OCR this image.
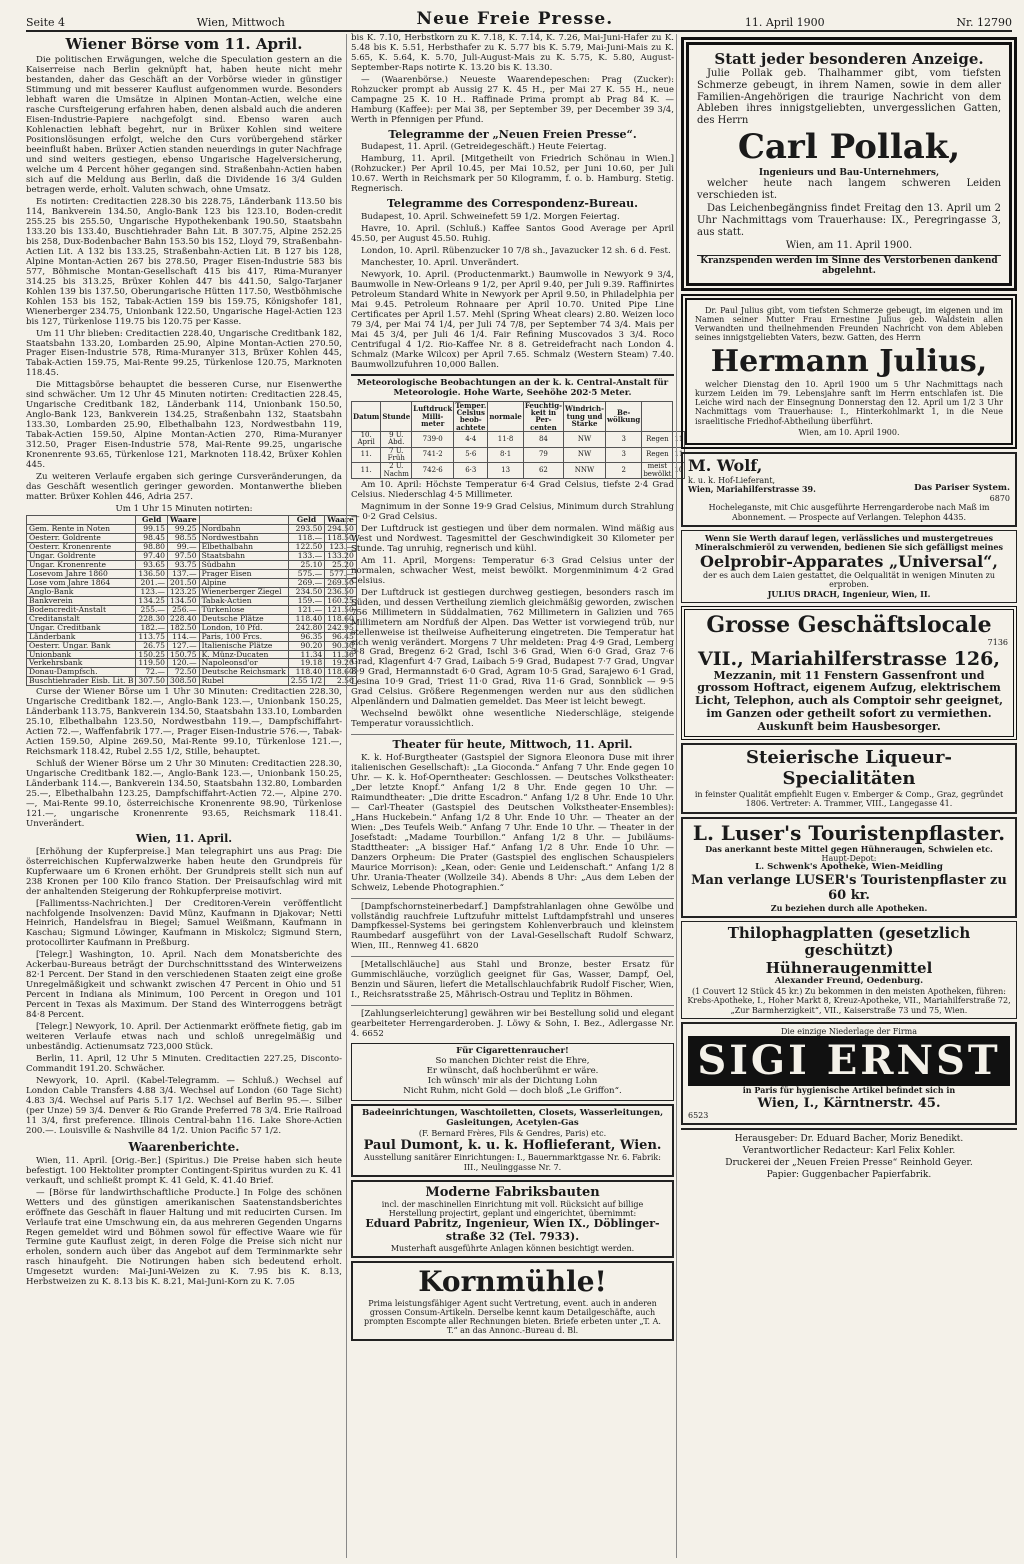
Seite 4	Wien, Mittwoch	Neue Freie Presse.	11. April 1900	Nr. 12790
Wiener Börse vom 11. April.

Die politischen Erwägungen, welche die Speculation gestern an die Kaiserreise nach Berlin geknüpft hat, haben heute nicht mehr bestanden, daher das Geschäft an der Vorbörse wieder in günstiger Stimmung und mit besserer Kauflust aufgenommen wurde. Besonders lebhaft waren die Umsätze in Alpinen Montan-Actien, welche eine rasche Cursfteigerung erfahren haben, denen alsbald auch die anderen Eisen-Industrie-Papiere nachgefolgt sind. Ebenso waren auch Kohlenactien lebhaft begehrt, nur in Brüxer Kohlen sind weitere Positionslösungen erfolgt, welche den Curs vorübergehend stärker beeinflußt haben. Brüxer Actien standen neuerdings in guter Nachfrage und sind weiters gestiegen, ebenso Ungarische Hagelversicherung, welche um 4 Percent höher gegangen sind. Straßenbahn-Actien haben sich auf die Meldung aus Berlin, daß die Dividende 16 3/4 Gulden betragen werde, erholt. Valuten schwach, ohne Umsatz.

Es notirten: Creditactien 228.30 bis 228.75, Länderbank 113.50 bis 114, Bankverein 134.50, Anglo-Bank 123 bis 123.10, Boden-credit 255.25 bis 255.50, Ungarische Hypothekenbank 190.50, Staatsbahn 133.20 bis 133.40, Buschtiehrader Bahn Lit. B 307.75, Alpine 252.25 bis 258, Dux-Bodenbacher Bahn 153.50 bis 152, Lloyd 79, Straßenbahn-Actien Lit. A 132 bis 133.25, Straßenbahn-Actien Lit. B 127 bis 128, Alpine Montan-Actien 267 bis 278.50, Prager Eisen-Industrie 583 bis 577, Böhmische Montan-Gesellschaft 415 bis 417, Rima-Muranyer 314.25 bis 313.25, Brüxer Kohlen 447 bis 441.50, Salgo-Tarjaner Kohlen 139 bis 137.50, Oberungarische Hütten 117.50, Westböhmische Kohlen 153 bis 152, Tabak-Actien 159 bis 159.75, Königshofer 181, Wienerberger 234.75, Unionbank 122.50, Ungarische Hagel-Actien 123 bis 127, Türkenlose 119.75 bis 120.75 per Kasse.

Um 11 Uhr blieben: Creditactien 228.40, Ungarische Creditbank 182, Staatsbahn 133.20, Lombarden 25.90, Alpine Montan-Actien 270.50, Prager Eisen-Industrie 578, Rima-Muranyer 313, Brüxer Kohlen 445, Tabak-Actien 159.75, Mai-Rente 99.25, Türkenlose 120.75, Marknoten 118.45.

Die Mittagsbörse behauptet die besseren Curse, nur Eisenwerthe sind schwächer. Um 12 Uhr 45 Minuten notirten: Creditactien 228.45, Ungarische Creditbank 182, Länderbank 114, Unionbank 150.50, Anglo-Bank 123, Bankverein 134.25, Straßenbahn 132, Staatsbahn 133.30, Lombarden 25.90, Elbethalbahn 123, Nordwestbahn 119, Tabak-Actien 159.50, Alpine Montan-Actien 270, Rima-Muranyer 312.50, Prager Eisen-Industrie 578, Mai-Rente 99.25, ungarische Kronenrente 93.65, Türkenlose 121, Marknoten 118.42, Brüxer Kohlen 445.

Zu weiteren Verlaufe ergaben sich geringe Cursveränderungen, da das Geschäft wesentlich geringer geworden. Montanwerthe blieben matter. Brüxer Kohlen 446, Adria 257.

Um 1 Uhr 15 Minuten notirten:
	Geld	Waare		Geld	Waare
Gem. Rente in Noten	99.15	99.25	Nordbahn	293.50	294.50
Oesterr. Goldrente	98.45	98.55	Nordwestbahn	118.—	118.50
Oesterr. Kronenrente	98.80	99.—	Elbethalbahn	122.50	123.—
Ungar. Goldrente	97.40	97.50	Staatsbahn	133.—	133.20
Ungar. Kronenrente	93.65	93.75	Südbahn	25.10	25.20
Losevom Jahre 1860	136.50	137.—	Prager Eisen	575.—	577.—
Lose vom Jahre 1864	201.—	201.50	Alpine	269.—	269.50
Anglo-Bank	123.—	123.25	Wienerberger Ziegel	234.50	236.50
Bankverein	134.25	134.50	Tabak-Actien	159.—	160.25
Bodencredit-Anstalt	255.—	256.—	Türkenlose	121.—	121.50
Creditanstalt	228.30	228.40	Deutsche Plätze	118.40	118.60
Ungar. Creditbank	182.—	182.50	London, 10 Pfd.	242.80	242.95
Länderbank	113.75	114.—	Paris, 100 Frcs.	96.35	96.45
Oesterr. Ungar. Bank	26.75	127.—	Italienische Plätze	90.20	90.30
Unionbank	150.25	150.75	K. Münz-Ducaten	11.34	11.36
Verkehrsbank	119.50	120.—	Napoleonsd'or	19.18	19.20
Donau-Dampfsch.	72.—	72.50	Deutsche Reichsmark	118.40	118.60
Buschtiehrader Eisb. Lit. B	307.50	308.50	Rubel	2.55 1/2	2.56

Curse der Wiener Börse um 1 Uhr 30 Minuten: Creditactien 228.30, Ungarische Creditbank 182.—, Anglo-Bank 123.—, Unionbank 150.25, Länderbank 113.75, Bankverein 134.50, Staatsbahn 133.10, Lombarden 25.10, Elbethalbahn 123.50, Nordwestbahn 119.—, Dampfschiffahrt-Actien 72.—, Waffenfabrik 177.—, Prager Eisen-Industrie 576.—, Tabak-Actien 159.50, Alpine 269.50, Mai-Rente 99.10, Türkenlose 121.—, Reichsmark 118.42, Rubel 2.55 1/2, Stille, behauptet.

Schluß der Wiener Börse um 2 Uhr 30 Minuten: Creditactien 228.30, Ungarische Creditbank 182.—, Anglo-Bank 123.—, Unionbank 150.25, Länderbank 114.—, Bankverein 134.50, Staatsbahn 132.80, Lombarden 25.—, Elbethalbahn 123.25, Dampfschiffahrt-Actien 72.—, Alpine 270.—, Mai-Rente 99.10, österreichische Kronenrente 98.90, Türkenlose 121.—, ungarische Kronenrente 93.65, Reichsmark 118.41. Unverändert.

Wien, 11. April.

[Erhöhung der Kupferpreise.] Man telegraphirt uns aus Prag: Die österreichischen Kupferwalzwerke haben heute den Grundpreis für Kupferwaare um 6 Kronen erhöht. Der Grundpreis stellt sich nun auf 238 Kronen per 100 Kilo franco Station. Der Preisaufschlag wird mit der anhaltenden Steigerung der Rohkupferpreise motivirt.

[Fallimentss-Nachrichten.] Der Creditoren-Verein veröffentlicht nachfolgende Insolvenzen: David Münz, Kaufmann in Djakovar; Netti Heinrich, Handelsfrau in Biegel; Samuel Weißmann, Kaufmann in Kaschau; Sigmund Löwinger, Kaufmann in Miskolcz; Sigmund Stern, protocollirter Kaufmann in Preßburg.

[Telegr.] Washington, 10. April. Nach dem Monatsberichte des Ackerbau-Bureaus beträgt der Durchschnittsstand des Winterweizens 82·1 Percent. Der Stand in den verschiedenen Staaten zeigt eine große Unregelmäßigkeit und schwankt zwischen 47 Percent in Ohio und 51 Percent in Indiana als Minimum, 100 Percent in Oregon und 101 Percent in Texas als Maximum. Der Stand des Winterroggens beträgt 84·8 Percent.

[Telegr.] Newyork, 10. April. Der Actienmarkt eröffnete fietig, gab im weiteren Verlaufe etwas nach und schloß unregelmäßig und unbeständig. Actienumsatz 723,000 Stück.

Berlin, 11. April, 12 Uhr 5 Minuten. Creditactien 227.25, Disconto-Commandit 191.20. Schwächer.

Newyork, 10. April. (Kabel-Telegramm. — Schluß.) Wechsel auf London Cable Transfers 4.88 3/4. Wechsel auf London (60 Tage Sicht) 4.83 3/4. Wechsel auf Paris 5.17 1/2. Wechsel auf Berlin 95.—. Silber (per Unze) 59 3/4. Denver & Rio Grande Preferred 78 3/4. Erie Railroad 11 3/4, first preference. Illinois Central-bahn 116. Lake Shore-Actien 200.—. Louisville & Nashville 84 1/2. Union Pacific 57 1/2.

Waarenberichte.

Wien, 11. April. [Orig.-Ber.] (Spiritus.) Die Preise haben sich heute befestigt. 100 Hektoliter prompter Contingent-Spiritus wurden zu K. 41 verkauft, und schließt prompt K. 41 Geld, K. 41.40 Brief.

— [Börse für landwirthschaftliche Producte.] In Folge des schönen Wetters und des günstigen amerikanischen Saatenstandsberichtes eröffnete das Geschäft in flauer Haltung und mit reducirten Cursen. Im Verlaufe trat eine Umschwung ein, da aus mehreren Gegenden Ungarns Regen gemeldet wird und Böhmen sowol für effective Waare wie für Termine gute Kauflust zeigt, in deren Folge die Preise sich nicht nur erholen, sondern auch über das Angebot auf dem Terminmarkte sehr rasch hinaufgeht. Die Notirungen haben sich bedeutend erholt. Umgesetzt wurden: Mai-Juni-Weizen zu K. 7.95 bis K. 8.13, Herbstweizen zu K. 8.13 bis K. 8.21, Mai-Juni-Korn zu K. 7.05

bis K. 7.10, Herbstkorn zu K. 7.18, K. 7.14, K. 7.26, Mai-Juni-Hafer zu K. 5.48 bis K. 5.51, Herbsthafer zu K. 5.77 bis K. 5.79, Mai-Juni-Mais zu K. 5.65, K. 5.64, K. 5.70, Juli-August-Mais zu K. 5.75, K. 5.80, August-September-Raps notirte K. 13.20 bis K. 13.30.

— (Waarenbörse.) Neueste Waarendepeschen: Prag (Zucker): Rohzucker prompt ab Aussig 27 K. 45 H., per Mai 27 K. 55 H., neue Campagne 25 K. 10 H.. Raffinade Prima prompt ab Prag 84 K. — Hamburg (Kaffee): per Mai 38, per September 39, per December 39 3/4, Werth in Pfennigen per Pfund.

Telegramme der „Neuen Freien Presse“.

Budapest, 11. April. (Getreidegeschäft.) Heute Feiertag.

Hamburg, 11. April. [Mitgetheilt von Friedrich Schönau in Wien.] (Rohzucker.) Per April 10.45, per Mai 10.52, per Juni 10.60, per Juli 10.67. Werth in Reichsmark per 50 Kilogramm, f. o. b. Hamburg. Stetig. Regnerisch.

Telegramme des Correspondenz-Bureau.

Budapest, 10. April. Schweinefett 59 1/2. Morgen Feiertag.

Havre, 10. April. (Schluß.) Kaffee Santos Good Average per April 45.50, per August 45.50. Ruhig.

London, 10. April. Rübenzucker 10 7/8 sh., Javazucker 12 sh. 6 d. Fest.

Manchester, 10. April. Unverändert.

Newyork, 10. April. (Productenmarkt.) Baumwolle in Newyork 9 3/4, Baumwolle in New-Orleans 9 1/2, per April 9.40, per Juli 9.39. Raffinirtes Petroleum Standard White in Newyork per April 9.50, in Philadelphia per Mai 9.45. Petroleum Rohnaare per April 10.70. United Pipe Line Certificates per April 1.57. Mehl (Spring Wheat clears) 2.80. Weizen loco 79 3/4, per Mai 74 1/4, per Juli 74 7/8, per September 74 3/4. Mais per Mai 45 3/4, per Juli 46 1/4. Fair Refining Muscovados 3 3/4. Roco Centrifugal 4 1/2. Rio-Kaffee Nr. 8 8. Getreidefracht nach London 4. Schmalz (Marke Wilcox) per April 7.65. Schmalz (Western Steam) 7.40. Baumwollzufuhren 10,000 Ballen.

Meteorologische Beobachtungen an der k. k. Central-Anstalt für Meteorologie. Hohe Warte, Seehöhe 202·5 Meter.
Datum	Stunde	Luftdruck Milli-meter	Temper. Celsius beob-achtete	normale	Feuchtig-keit in Per-centen	Windrich-tung und Stärke	Be-wölkung		
10. April	9 U. Abd.	739·0	4·4	11·8	84	NW	3	Regen	11
11.	7 U. Früh	741·2	5·6	8·1	79	NW	3	Regen	11
11.	2 U. Nachm	742·6	6·3	13	62	NNW	2	meist bewölkt	10

Am 10. April: Höchste Temperatur 6·4 Grad Celsius, tiefste 2·4 Grad Celsius. Niederschlag 4·5 Millimeter.

Magnimum in der Sonne 19·9 Grad Celsius, Minimum durch Strahlung — 0·2 Grad Celsius.

Der Luftdruck ist gestiegen und über dem normalen. Wind mäßig aus West und Nordwest. Tagesmittel der Geschwindigkeit 30 Kilometer per Stunde. Tag unruhig, regnerisch und kühl.

Am 11. April, Morgens: Temperatur 6·3 Grad Celsius unter der normalen, schwacher West, meist bewölkt. Morgenminimum 4·2 Grad Celsius.

Der Luftdruck ist gestiegen durchweg gestiegen, besonders rasch im Süden, und dessen Vertheilung ziemlich gleichmäßig geworden, zwischen 756 Millimetern in Süddalmatien, 762 Millimetern in Galizien und 765 Millimetern am Nordfuß der Alpen. Das Wetter ist vorwiegend trüb, nur stellenweise ist theilweise Aufheiterung eingetreten. Die Temperatur hat sich wenig verändert. Morgens 7 Uhr meldeten: Prag 4·9 Grad, Lemberg 3·8 Grad, Bregenz 6·2 Grad, Ischl 3·6 Grad, Wien 6·0 Grad, Graz 7·6 Grad, Klagenfurt 4·7 Grad, Laibach 5·9 Grad, Budapest 7·7 Grad, Ungvar 8·9 Grad, Hermannstadt 6·0 Grad, Agram 10·5 Grad, Sarajewo 6·1 Grad, Lesina 10·9 Grad, Triest 11·0 Grad, Riva 11·6 Grad, Sonnblick — 9·5 Grad Celsius. Größere Regenmengen werden nur aus den südlichen Alpenländern und Dalmatien gemeldet. Das Meer ist leicht bewegt.

Wechselnd bewölkt ohne wesentliche Niederschläge, steigende Temperatur voraussichtlich.

Theater für heute, Mittwoch, 11. April.

K. k. Hof-Burgtheater (Gastspiel der Signora Eleonora Duse mit ihrer italienischen Gesellschaft): „La Gioconda.“ Anfang 7 Uhr. Ende gegen 10 Uhr. — K. k. Hof-Operntheater: Geschlossen. — Deutsches Volkstheater: „Der letzte Knopf.“ Anfang 1/2 8 Uhr. Ende gegen 10 Uhr. — Raimundtheater: „Die dritte Escadron.“ Anfang 1/2 8 Uhr. Ende 10 Uhr. — Carl-Theater (Gastspiel des Deutschen Volkstheater-Ensembles): „Hans Huckebein.“ Anfang 1/2 8 Uhr. Ende 10 Uhr. — Theater an der Wien: „Des Teufels Weib.“ Anfang 7 Uhr. Ende 10 Uhr. — Theater in der Josefstadt: „Madame Tourbillon.“ Anfang 1/2 8 Uhr. — Jubiläums-Stadttheater: „A bissiger Haf.“ Anfang 1/2 8 Uhr. Ende 10 Uhr. — Danzers Orpheum: Die Prater (Gastspiel des englischen Schauspielers Maurice Morrison): „Kean, oder: Genie und Leidenschaft.“ Anfang 1/2 8 Uhr. Urania-Theater (Wollzeile 34). Abends 8 Uhr: „Aus dem Leben der Schweiz, Lebende Photographien.“

[Dampfschornsteinerbedarf.] Dampfstrahlanlagen ohne Gewölbe und vollständig rauchfreie Luftzufuhr mittelst Luftdampfstrahl und unseres Dampfkessel-Systems bei geringstem Kohlenverbrauch und kleinstem Raumbedarf ausgeführt von der Laval-Gesellschaft Rudolf Schwarz, Wien, III., Rennweg 41. 6820

[Metallschläuche] aus Stahl und Bronze, bester Ersatz für Gummischläuche, vorzüglich geeignet für Gas, Wasser, Dampf, Oel, Benzin und Säuren, liefert die Metallschlauchfabrik Rudolf Fischer, Wien, I., Reichsratsstraße 25, Mährisch-Ostrau und Teplitz in Böhmen.

[Zahlungserleichterung] gewähren wir bei Bestellung solid und elegant gearbeiteter Herrengarderoben. J. Löwy & Sohn, I. Bez., Adlergasse Nr. 4. 6652

Für Cigarettenraucher!
So manchen Dichter reist die Ehre,
Er wünscht, daß hochberühmt er wäre.
Ich wünsch' mir als der Dichtung Lohn
Nicht Ruhm, nicht Gold — doch bloß „Le Griffon“.
Badeeinrichtungen, Waschtoiletten, Closets, Wasserleitungen, Gasleitungen, Acetylen-Gas
(F. Bernard Frères, Fils & Gendres, Paris) etc.
Paul Dumont, k. u. k. Hoflieferant, Wien.
Ausstellung sanitärer Einrichtungen: I., Bauernmarktgasse Nr. 6. Fabrik: III., Neulinggasse Nr. 7.
Moderne Fabriksbauten
incl. der maschinellen Einrichtung mit voll. Rücksicht auf billige Herstellung projectirt, geplant und eingerichtet, übernimmt:
Eduard Pabritz, Ingenieur, Wien IX., Döblinger-straße 32 (Tel. 7933).
Musterhaft ausgeführte Anlagen können besichtigt werden.
Kornmühle!
Prima leistungsfähiger Agent sucht Vertretung, event. auch in anderen grossen Consum-Artikeln. Derselbe kennt kaum Detailgeschäfte, auch prompten Escompte aller Rechnungen bieten. Briefe erbeten unter „T. A. T.“ an das Annonc.-Bureau d. Bl.
Statt jeder besonderen Anzeige.

Julie Pollak geb. Thalhammer gibt, vom tiefsten Schmerze gebeugt, in ihrem Namen, sowie in dem aller Familien-Angehörigen die traurige Nachricht von dem Ableben ihres innigstgeliebten, unvergesslichen Gatten, des Herrn

Carl Pollak,
Ingenieurs und Bau-Unternehmers,

welcher heute nach langem schweren Leiden verschieden ist.

Das Leichenbegängniss findet Freitag den 13. April um 2 Uhr Nachmittags vom Trauerhause: IX., Peregringasse 3, aus statt.

Wien, am 11. April 1900.
Kranzspenden werden im Sinne des Verstorbenen dankend abgelehnt.

Dr. Paul Julius gibt, vom tiefsten Schmerze gebeugt, im eigenen und im Namen seiner Mutter Frau Ernestine Julius geb. Waldstein allen Verwandten und theilnehmenden Freunden Nachricht von dem Ableben seines innigstgeliebten Vaters, bezw. Gatten, des Herrn

Hermann Julius,

welcher Dienstag den 10. April 1900 um 5 Uhr Nachmittags nach kurzem Leiden im 79. Lebensjahre sanft im Herrn entschlafen ist. Die Leiche wird nach der Einsegnung Donnerstag den 12. April um 1/2 3 Uhr Nachmittags vom Trauerhause: I., Hinterkohlmarkt 1, in die Neue israelitische Friedhof-Abtheilung überführt.

Wien, am 10. April 1900.
M. Wolf,
k. u. k. Hof-Lieferant,
Wien, Mariahilferstrasse 39.	Das Pariser System.
6870
Hocheleganste, mit Chic ausgeführte Herrengarderobe nach Maß im Abonnement. — Prospecte auf Verlangen. Telephon 4435.
Wenn Sie Werth darauf legen, verlässliches und mustergetreues Mineralschmieröl zu verwenden, bedienen Sie sich gefälligst meines
Oelprobir-Apparates „Universal“,
der es auch dem Laien gestattet, die Oelqualität in wenigen Minuten zu erproben.
JULIUS DRACH, Ingenieur, Wien, II.
Grosse Geschäftslocale
7136
VII., Mariahilferstrasse 126,
Mezzanin, mit 11 Fenstern Gassenfront und grossom Hoftract, eigenem Aufzug, elektrischem Licht, Telephon, auch als Comptoir sehr geeignet, im Ganzen oder getheilt sofort zu vermiethen. Auskunft beim Hausbesorger.
Steierische Liqueur-Specialitäten
in feinster Qualität empfiehlt Eugen v. Emberger & Comp., Graz, gegründet 1806. Vertreter: A. Trammer, VIII., Langegasse 41.
L. Luser's Touristenpflaster.
Das anerkannt beste Mittel gegen Hühneraugen, Schwielen etc.
Haupt-Depot:
L. Schwenk's Apotheke, Wien-Meidling
Man verlange LUSER's Touristenpflaster zu 60 kr.
Zu beziehen durch alle Apotheken.
Thilophagplatten (gesetzlich geschützt)
Hühneraugenmittel
Alexander Freund, Oedenburg.
(1 Couvert 12 Stück 45 kr.) Zu bekommen in den meisten Apotheken, führen: Krebs-Apotheke, I., Hoher Markt 8, Kreuz-Apotheke, VII., Mariahilferstraße 72, „Zur Barmherzigkeit“, VII., Kaiserstraße 73 und 75, Wien.
Die einzige Niederlage der Firma
SIGI ERNST
in Paris für hygienische Artikel befindet sich in
Wien, I., Kärntnerstr. 45.
6523
Herausgeber: Dr. Eduard Bacher, Moriz Benedikt.
Verantwortlicher Redacteur: Karl Felix Kohler.
Druckerei der „Neuen Freien Presse“ Reinhold Geyer.
Papier: Guggenbacher Papierfabrik.
